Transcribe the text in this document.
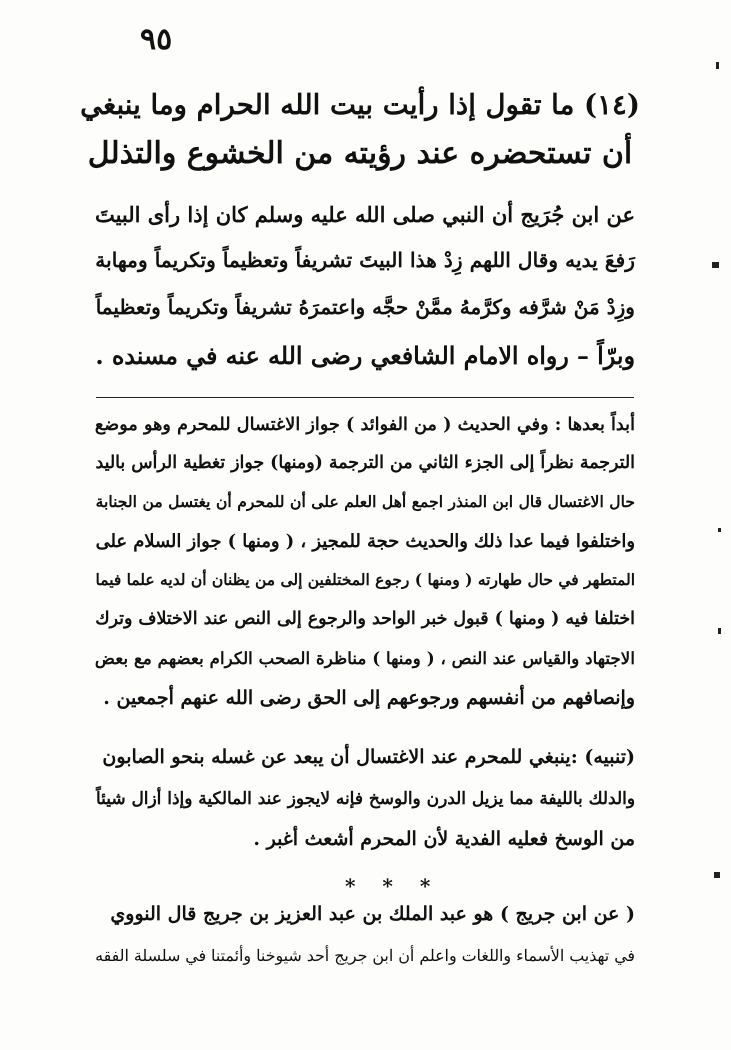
٩٥
(١٤) ما تقول إذا رأيت بيت الله الحرام وما ينبغي
أن تستحضره عند رؤيته من الخشوع والتذلل
عن ابن جُرَيج أن النبي صلى الله عليه وسلم كان إذا رأى البيتَ
رَفعَ يديه وقال اللهم زِدْ هذا البيتَ تشريفاً وتعظيماً وتكريماً ومهابة
وزِدْ مَنْ شرَّفه وكرَّمهُ ممَّنْ حجَّه واعتمرَهُ تشريفاً وتكريماً وتعظيماً
وبرّاً – رواه الامام الشافعي رضى الله عنه في مسنده .
أبداً بعدها : وفي الحديث ( من الفوائد ) جواز الاغتسال للمحرم وهو موضع
الترجمة نظراً إلى الجزء الثاني من الترجمة (ومنها) جواز تغطية الرأس باليد
حال الاغتسال قال ابن المنذر اجمع أهل العلم على أن للمحرم أن يغتسل من الجنابة
واختلفوا فيما عدا ذلك والحديث حجة للمجيز ، ( ومنها ) جواز السلام على
المتطهر في حال طهارته ( ومنها ) رجوع المختلفين إلى من يظنان أن لديه علما فيما
اختلفا فيه ( ومنها ) قبول خبر الواحد والرجوع إلى النص عند الاختلاف وترك
الاجتهاد والقياس عند النص ، ( ومنها ) مناظرة الصحب الكرام بعضهم مع بعض
وإنصافهم من أنفسهم ورجوعهم إلى الحق رضى الله عنهم أجمعين .
(تنبيه) :ينبغي للمحرم عند الاغتسال أن يبعد عن غسله بنحو الصابون
والدلك بالليفة مما يزيل الدرن والوسخ فإنه لايجوز عند المالكية وإذا أزال شيئاً
من الوسخ فعليه الفدية لأن المحرم أشعث أغبر .
* * *
( عن ابن جريج ) هو عبد الملك بن عبد العزيز بن جريج قال النووي
في تهذيب الأسماء واللغات واعلم أن ابن جريج أحد شيوخنا وأئمتنا في سلسلة الفقه
